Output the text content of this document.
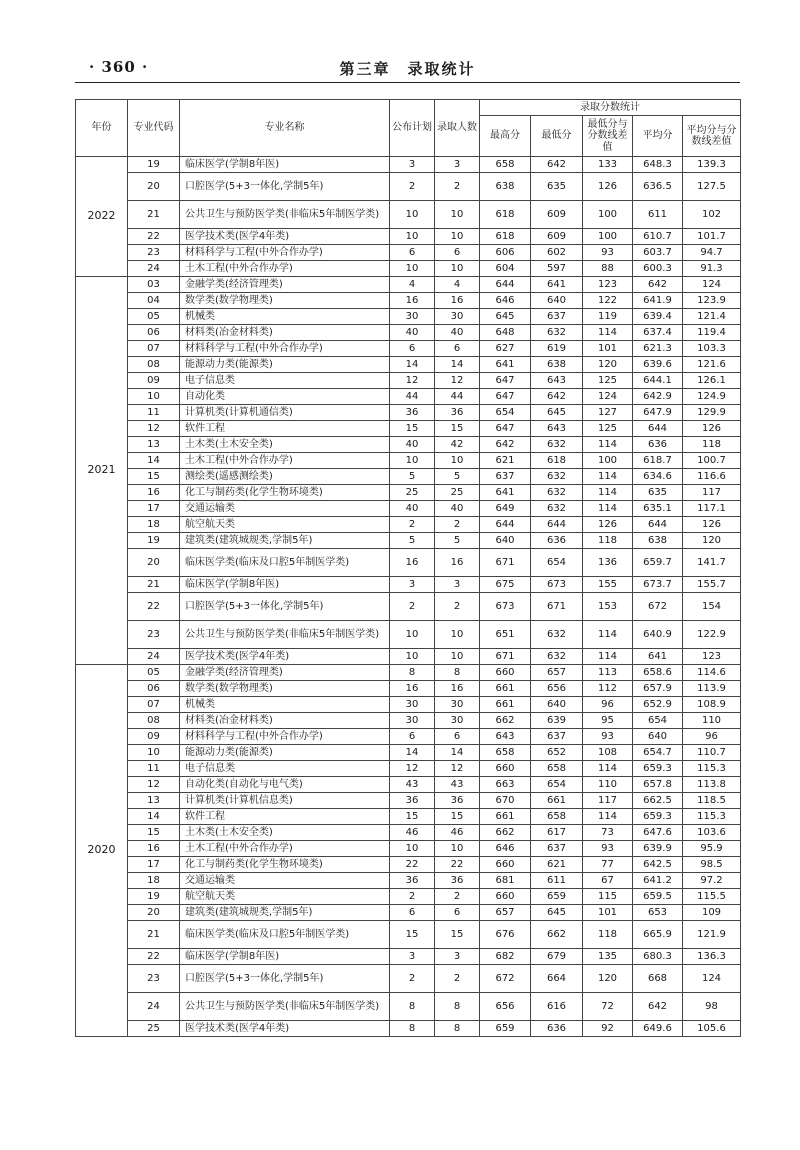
· 360 ·	第三章　录取统计
年份	专业代码	专业名称	公布计划	录取人数	录取分数统计				
					最高分	最低分	最低分与分数线差值	平均分	平均分与分数线差值
2022	19	临床医学(学制8年医)	3	3	658	642	133	648.3	139.3
	20	口腔医学(5+3一体化,学制5年)	2	2	638	635	126	636.5	127.5
	21	公共卫生与预防医学类(非临床5年制医学类)	10	10	618	609	100	611	102
	22	医学技术类(医学4年类)	10	10	618	609	100	610.7	101.7
	23	材料科学与工程(中外合作办学)	6	6	606	602	93	603.7	94.7
	24	土木工程(中外合作办学)	10	10	604	597	88	600.3	91.3
2021	03	金融学类(经济管理类)	4	4	644	641	123	642	124
	04	数学类(数学物理类)	16	16	646	640	122	641.9	123.9
	05	机械类	30	30	645	637	119	639.4	121.4
	06	材料类(冶金材料类)	40	40	648	632	114	637.4	119.4
	07	材料科学与工程(中外合作办学)	6	6	627	619	101	621.3	103.3
	08	能源动力类(能源类)	14	14	641	638	120	639.6	121.6
	09	电子信息类	12	12	647	643	125	644.1	126.1
	10	自动化类	44	44	647	642	124	642.9	124.9
	11	计算机类(计算机通信类)	36	36	654	645	127	647.9	129.9
	12	软件工程	15	15	647	643	125	644	126
	13	土木类(土木安全类)	40	42	642	632	114	636	118
	14	土木工程(中外合作办学)	10	10	621	618	100	618.7	100.7
	15	测绘类(遥感测绘类)	5	5	637	632	114	634.6	116.6
	16	化工与制药类(化学生物环境类)	25	25	641	632	114	635	117
	17	交通运输类	40	40	649	632	114	635.1	117.1
	18	航空航天类	2	2	644	644	126	644	126
	19	建筑类(建筑城规类,学制5年)	5	5	640	636	118	638	120
	20	临床医学类(临床及口腔5年制医学类)	16	16	671	654	136	659.7	141.7
	21	临床医学(学制8年医)	3	3	675	673	155	673.7	155.7
	22	口腔医学(5+3一体化,学制5年)	2	2	673	671	153	672	154
	23	公共卫生与预防医学类(非临床5年制医学类)	10	10	651	632	114	640.9	122.9
	24	医学技术类(医学4年类)	10	10	671	632	114	641	123
2020	05	金融学类(经济管理类)	8	8	660	657	113	658.6	114.6
	06	数学类(数学物理类)	16	16	661	656	112	657.9	113.9
	07	机械类	30	30	661	640	96	652.9	108.9
	08	材料类(冶金材料类)	30	30	662	639	95	654	110
	09	材料科学与工程(中外合作办学)	6	6	643	637	93	640	96
	10	能源动力类(能源类)	14	14	658	652	108	654.7	110.7
	11	电子信息类	12	12	660	658	114	659.3	115.3
	12	自动化类(自动化与电气类)	43	43	663	654	110	657.8	113.8
	13	计算机类(计算机信息类)	36	36	670	661	117	662.5	118.5
	14	软件工程	15	15	661	658	114	659.3	115.3
	15	土木类(土木安全类)	46	46	662	617	73	647.6	103.6
	16	土木工程(中外合作办学)	10	10	646	637	93	639.9	95.9
	17	化工与制药类(化学生物环境类)	22	22	660	621	77	642.5	98.5
	18	交通运输类	36	36	681	611	67	641.2	97.2
	19	航空航天类	2	2	660	659	115	659.5	115.5
	20	建筑类(建筑城规类,学制5年)	6	6	657	645	101	653	109
	21	临床医学类(临床及口腔5年制医学类)	15	15	676	662	118	665.9	121.9
	22	临床医学(学制8年医)	3	3	682	679	135	680.3	136.3
	23	口腔医学(5+3一体化,学制5年)	2	2	672	664	120	668	124
	24	公共卫生与预防医学类(非临床5年制医学类)	8	8	656	616	72	642	98
	25	医学技术类(医学4年类)	8	8	659	636	92	649.6	105.6
